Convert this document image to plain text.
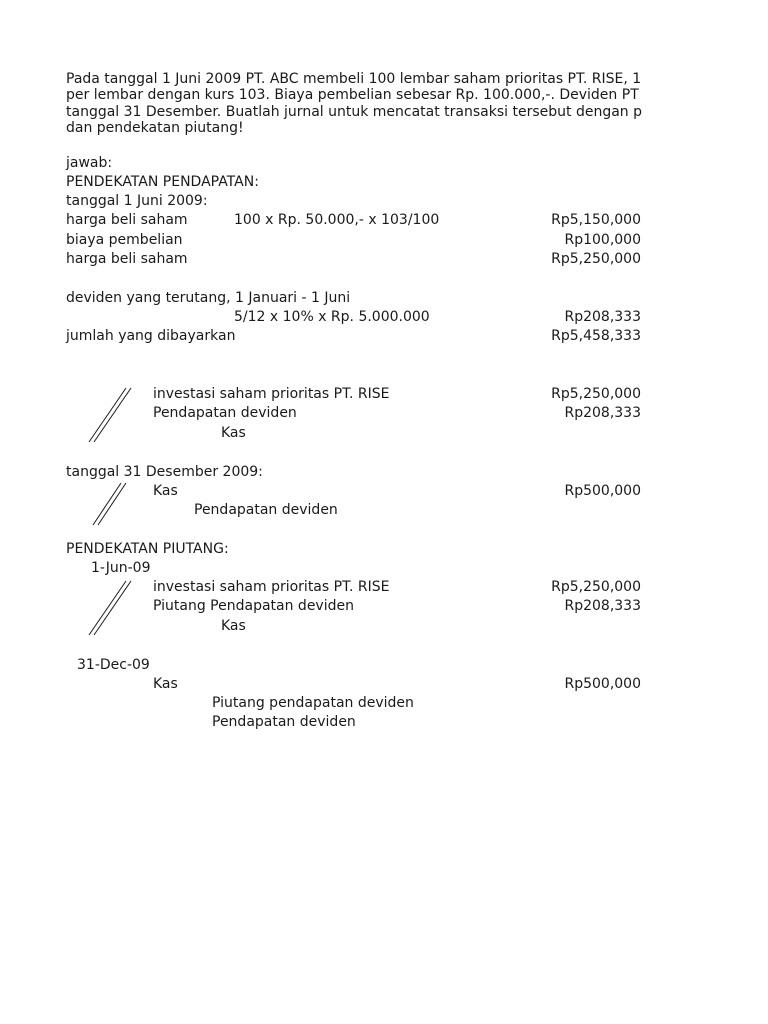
Pada tanggal 1 Juni 2009 PT. ABC membeli 100 lembar saham prioritas PT. RISE, 1
per lembar dengan kurs 103. Biaya pembelian sebesar Rp. 100.000,-. Deviden PT
tanggal 31 Desember. Buatlah jurnal untuk mencatat transaksi tersebut dengan p
dan pendekatan piutang!
jawab:
PENDEKATAN PENDAPATAN:
tanggal 1 Juni 2009:
harga beli saham	100 x Rp. 50.000,- x 103/100	Rp5,150,000
biaya pembelian	Rp100,000
harga beli saham	Rp5,250,000
deviden yang terutang, 1 Januari - 1 Juni
5/12 x 10% x Rp. 5.000.000	Rp208,333
jumlah yang dibayarkan	Rp5,458,333
investasi saham prioritas PT. RISE	Rp5,250,000
Pendapatan deviden	Rp208,333
Kas
tanggal 31 Desember 2009:
Kas	Rp500,000
Pendapatan deviden
PENDEKATAN PIUTANG:
1-Jun-09
investasi saham prioritas PT. RISE	Rp5,250,000
Piutang Pendapatan deviden	Rp208,333
Kas
31-Dec-09
Kas	Rp500,000
Piutang pendapatan deviden
Pendapatan deviden
